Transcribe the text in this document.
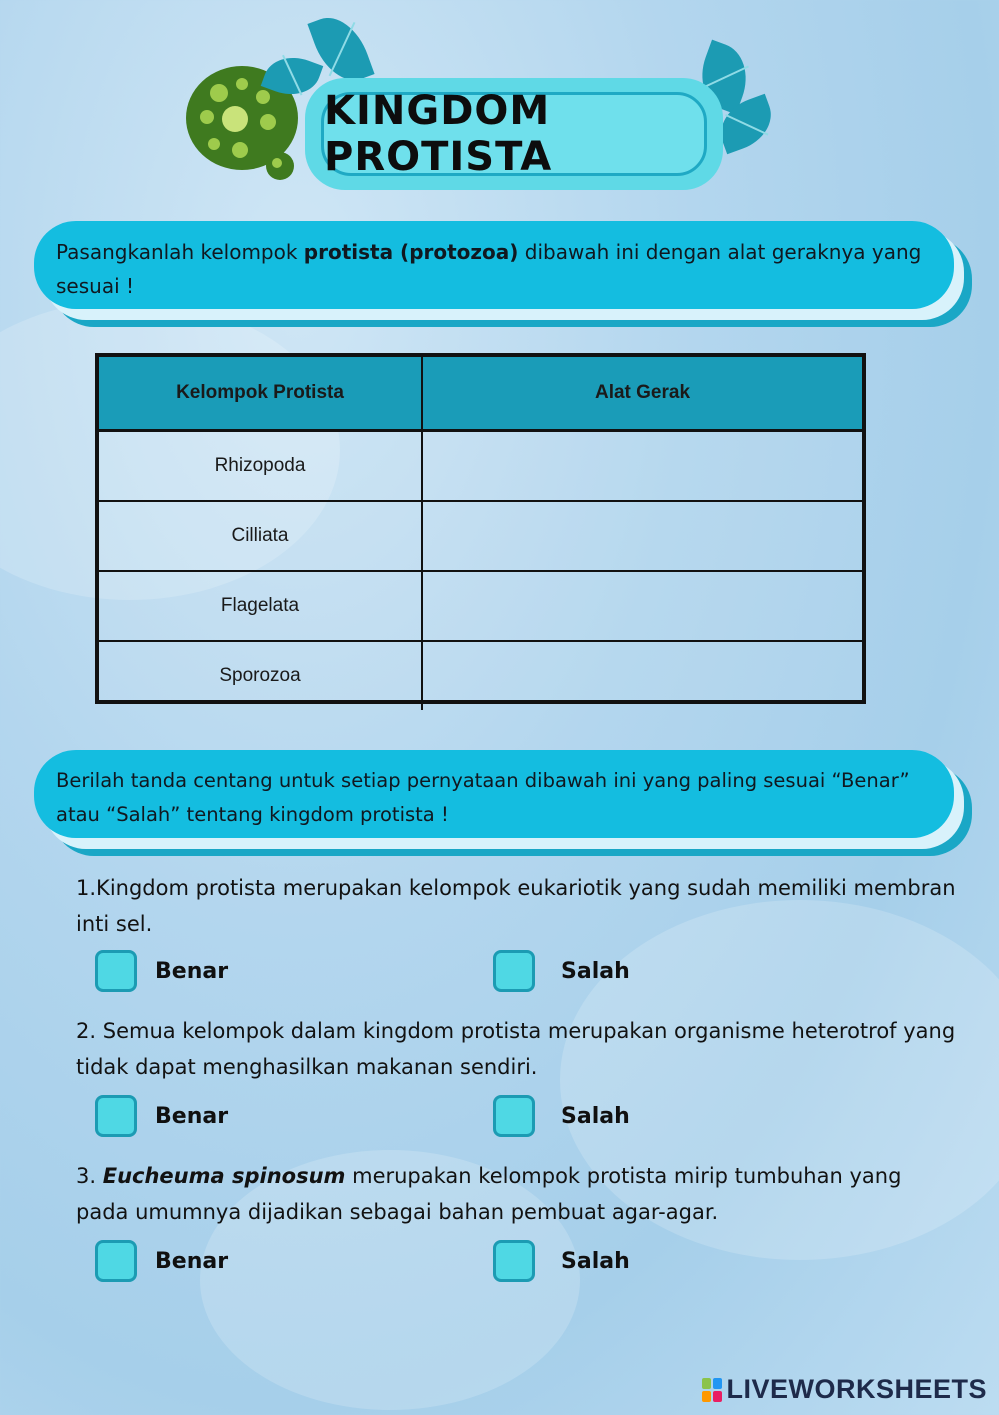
KINGDOM PROTISTA
Pasangkanlah kelompok protista (protozoa) dibawah ini dengan alat geraknya yang sesuai !
Kelompok Protista	Alat Gerak
Rhizopoda	
Cilliata	
Flagelata	
Sporozoa	
Berilah tanda centang untuk setiap pernyataan dibawah ini yang paling sesuai “Benar” atau “Salah” tentang kingdom protista !
1.Kingdom protista merupakan kelompok eukariotik yang sudah memiliki membran inti sel.
Benar	Salah
2. Semua kelompok dalam kingdom protista merupakan organisme heterotrof yang tidak dapat menghasilkan makanan sendiri.
Benar	Salah
3. Eucheuma spinosum merupakan kelompok protista mirip tumbuhan yang pada umumnya dijadikan sebagai bahan pembuat agar-agar.
Benar	Salah
LIVEWORKSHEETS
